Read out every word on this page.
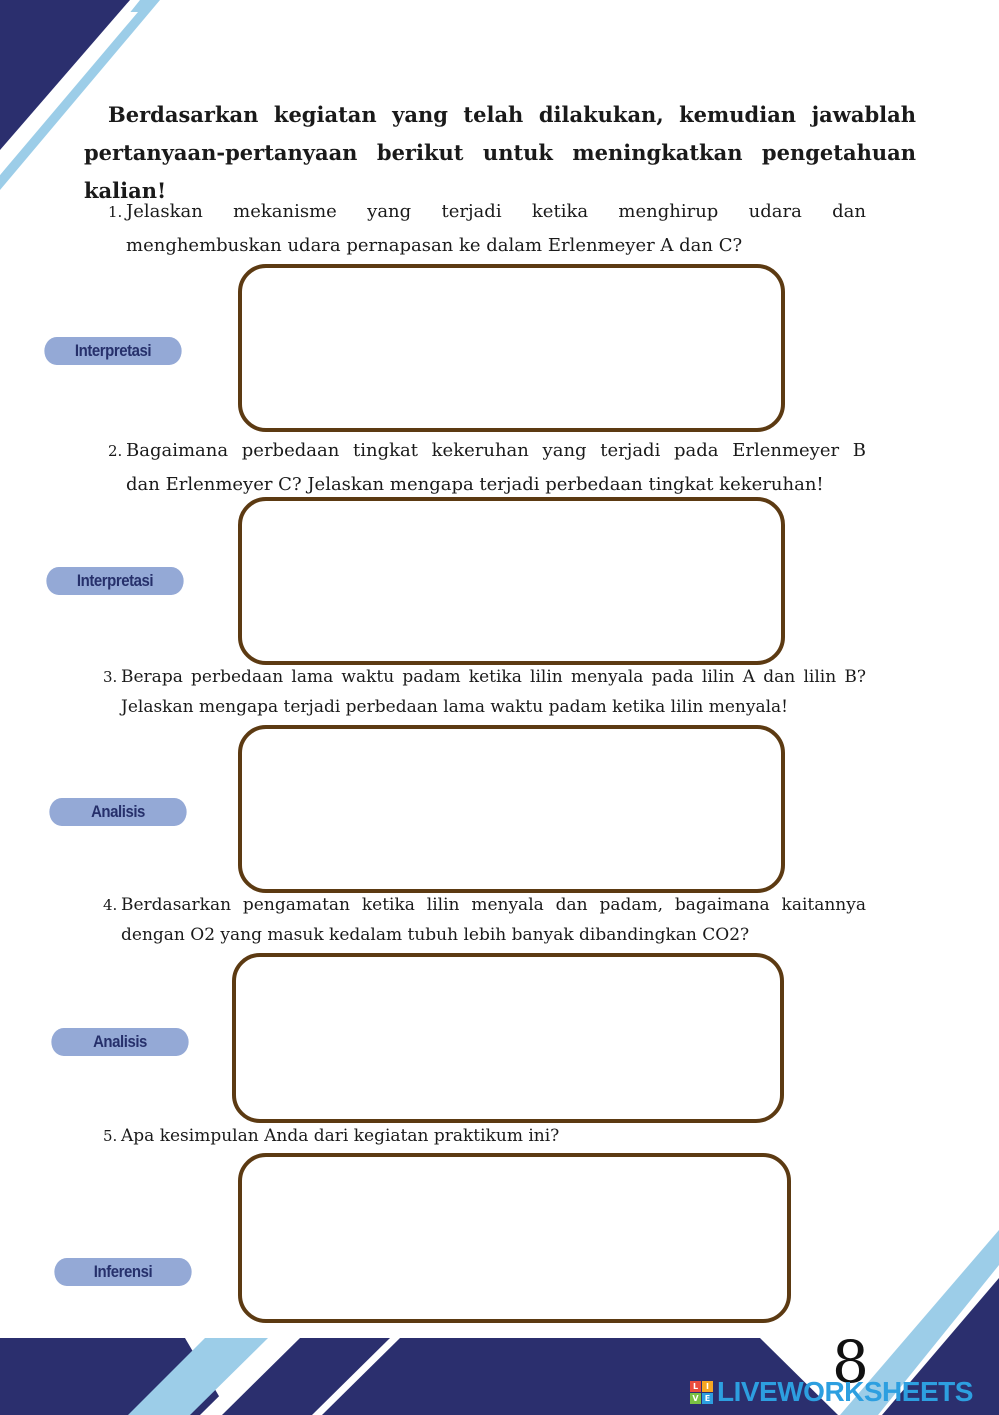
Berdasarkan kegiatan yang telah dilakukan, kemudian jawablah
pertanyaan-pertanyaan berikut untuk meningkatkan pengetahuan kalian!
1. Jelaskan mekanisme yang terjadi ketika menghirup udara dan
menghembuskan udara pernapasan ke dalam Erlenmeyer A dan C?
Interpretasi
2. Bagaimana perbedaan tingkat kekeruhan yang terjadi pada Erlenmeyer B
dan Erlenmeyer C? Jelaskan mengapa terjadi perbedaan tingkat kekeruhan!
Interpretasi
3. Berapa perbedaan lama waktu padam ketika lilin menyala pada lilin A dan lilin B?
Jelaskan mengapa terjadi perbedaan lama waktu padam ketika lilin menyala!
Analisis
4. Berdasarkan pengamatan ketika lilin menyala dan padam, bagaimana kaitannya
dengan O2 yang masuk kedalam tubuh lebih banyak dibandingkan CO2?
Analisis
5. Apa kesimpulan Anda dari kegiatan praktikum ini?
Inferensi
8
L I
V E LIVEWORKSHEETS
